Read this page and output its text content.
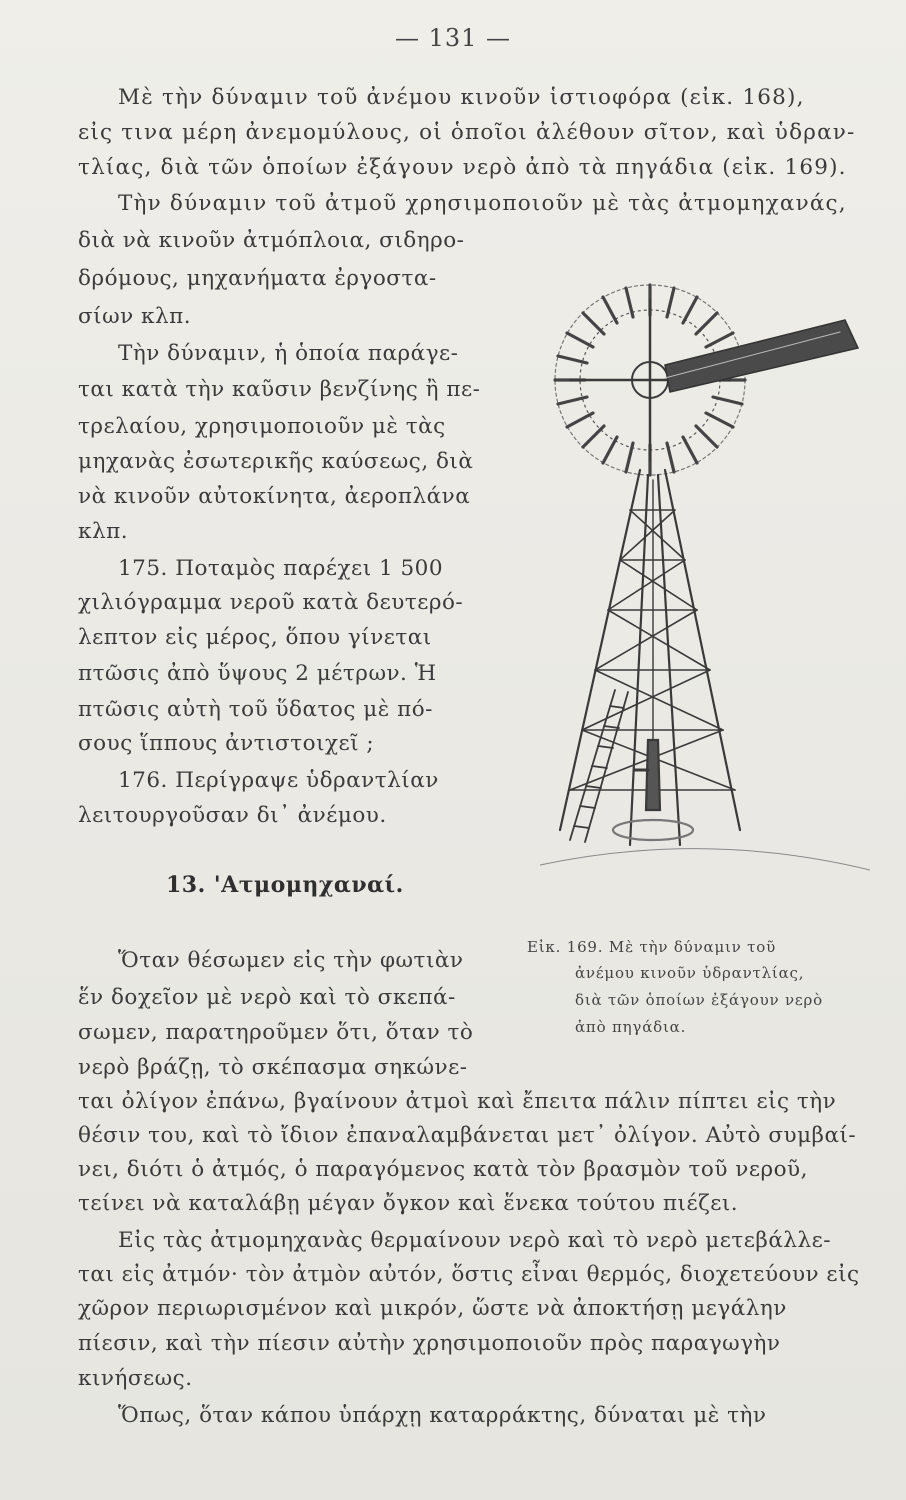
— 131 —
Μὲ τὴν δύναμιν τοῦ ἀνέμου κινοῦν ἱστιοφόρα (εἰκ. 168),
εἰς τινα μέρη ἀνεμομύλους, οἱ ὁποῖοι ἀλέθουν σῖτον, καὶ ὑδραν-
τλίας, διὰ τῶν ὁποίων ἐξάγουν νερὸ ἀπὸ τὰ πηγάδια (εἰκ. 169).
Τὴν δύναμιν τοῦ ἀτμοῦ χρησιμοποιοῦν μὲ τὰς ἀτμομηχανάς,
διὰ νὰ κινοῦν ἀτμόπλοια, σιδηρο-
δρόμους, μηχανήματα ἐργοστα-
σίων κλπ.
Τὴν δύναμιν, ἡ ὁποία παράγε-
ται κατὰ τὴν καῦσιν βενζίνης ἢ πε-
τρελαίου, χρησιμοποιοῦν μὲ τὰς
μηχανὰς ἐσωτερικῆς καύσεως, διὰ
νὰ κινοῦν αὐτοκίνητα, ἀεροπλάνα
κλπ.
175. Ποταμὸς παρέχει 1 500
χιλιόγραμμα νεροῦ κατὰ δευτερό-
λεπτον εἰς μέρος, ὅπου γίνεται
πτῶσις ἀπὸ ὕψους 2 μέτρων. Ἡ
πτῶσις αὐτὴ τοῦ ὕδατος μὲ πό-
σους ἵππους ἀντιστοιχεῖ ;
176. Περίγραψε ὑδραντλίαν
λειτουργοῦσαν δι᾽ ἀνέμου.
13. 'Ατμομηχαναί.
Εἰκ. 169. Μὲ τὴν δύναμιν τοῦ
ἀνέμου κινοῦν ὑδραντλίας,
διὰ τῶν ὁποίων ἐξάγουν νερὸ
ἀπὸ πηγάδια.
Ὅταν θέσωμεν εἰς τὴν φωτιὰν
ἕν δοχεῖον μὲ νερὸ καὶ τὸ σκεπά-
σωμεν, παρατηροῦμεν ὅτι, ὅταν τὸ
νερὸ βράζῃ, τὸ σκέπασμα σηκώνε-
ται ὀλίγον ἐπάνω, βγαίνουν ἀτμοὶ καὶ ἔπειτα πάλιν πίπτει εἰς τὴν
θέσιν του, καὶ τὸ ἴδιον ἐπαναλαμβάνεται μετ᾽ ὀλίγον. Αὐτὸ συμβαί-
νει, διότι ὁ ἀτμός, ὁ παραγόμενος κατὰ τὸν βρασμὸν τοῦ νεροῦ,
τείνει νὰ καταλάβῃ μέγαν ὄγκον καὶ ἕνεκα τούτου πιέζει.
Εἰς τὰς ἀτμομηχανὰς θερμαίνουν νερὸ καὶ τὸ νερὸ μετεβάλλε-
ται εἰς ἀτμόν· τὸν ἀτμὸν αὐτόν, ὅστις εἶναι θερμός, διοχετεύουν εἰς
χῶρον περιωρισμένον καὶ μικρόν, ὥστε νὰ ἀποκτήσῃ μεγάλην
πίεσιν, καὶ τὴν πίεσιν αὐτὴν χρησιμοποιοῦν πρὸς παραγωγὴν
κινήσεως.
Ὅπως, ὅταν κάπου ὑπάρχῃ καταρράκτης, δύναται μὲ τὴν
